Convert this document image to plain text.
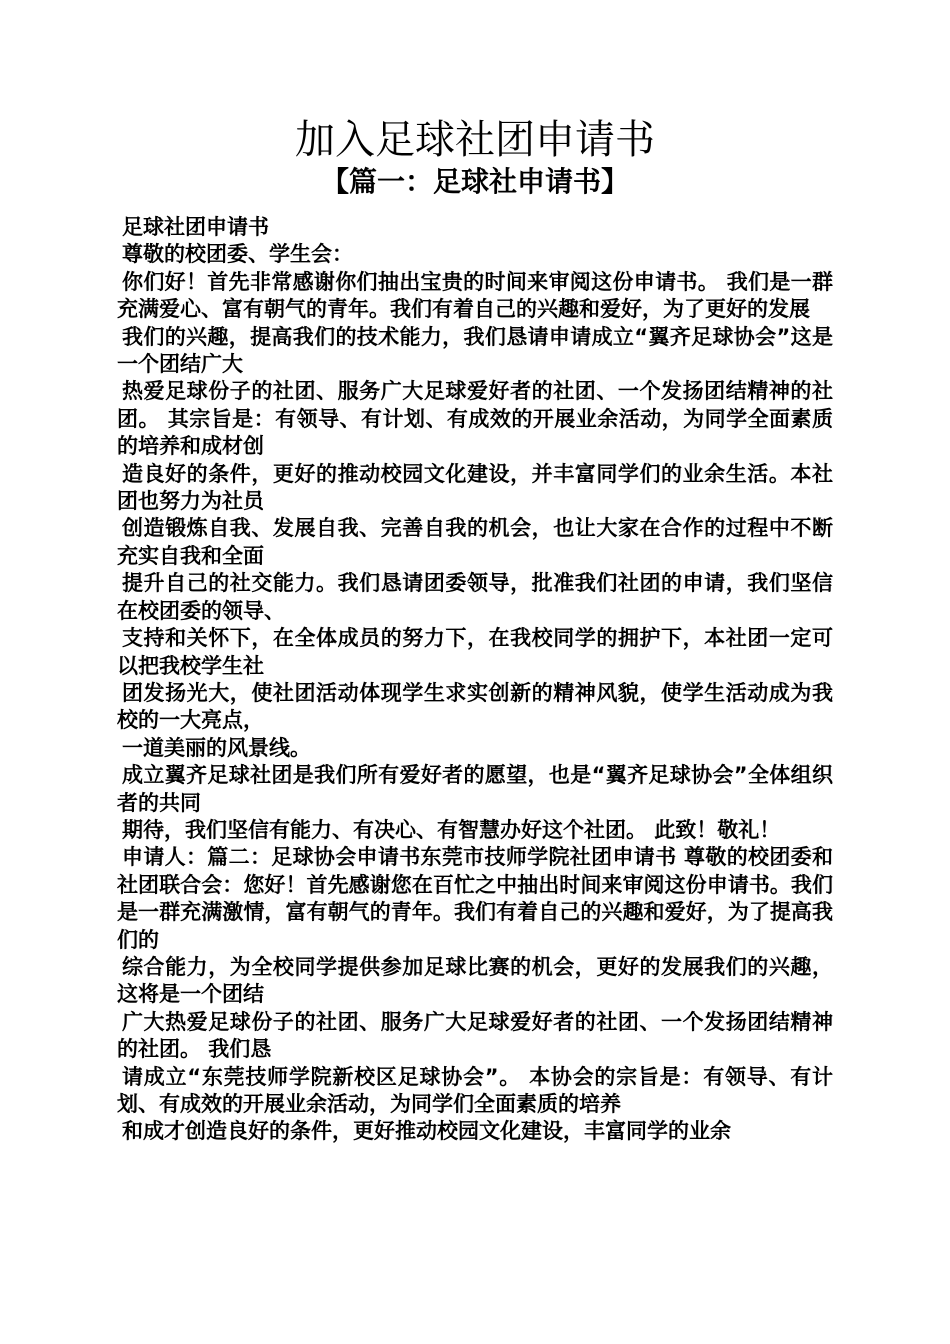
加入足球社团申请书
【篇一：足球社申请书】

足球社团申请书

尊敬的校团委、学生会：

你们好！首先非常感谢你们抽出宝贵的时间来审阅这份申请书。 我们是一群充满爱心、富有朝气的青年。我们有着自己的兴趣和爱好，为了更好的发展

我们的兴趣，提高我们的技术能力，我们恳请申请成立“翼齐足球协会”这是一个团结广大

热爱足球份子的社团、服务广大足球爱好者的社团、一个发扬团结精神的社团。 其宗旨是：有领导、有计划、有成效的开展业余活动，为同学全面素质的培养和成材创

造良好的条件，更好的推动校园文化建设，并丰富同学们的业余生活。本社团也努力为社员

创造锻炼自我、发展自我、完善自我的机会，也让大家在合作的过程中不断充实自我和全面

提升自己的社交能力。我们恳请团委领导，批准我们社团的申请，我们坚信在校团委的领导、

支持和关怀下，在全体成员的努力下，在我校同学的拥护下，本社团一定可以把我校学生社

团发扬光大，使社团活动体现学生求实创新的精神风貌，使学生活动成为我校的一大亮点，

一道美丽的风景线。

成立翼齐足球社团是我们所有爱好者的愿望，也是“翼齐足球协会”全体组织者的共同

期待，我们坚信有能力、有决心、有智慧办好这个社团。 此致！敬礼！

申请人：篇二：足球协会申请书东莞市技师学院社团申请书 尊敬的校团委和社团联合会：您好！首先感谢您在百忙之中抽出时间来审阅这份申请书。我们是一群充满激情，富有朝气的青年。我们有着自己的兴趣和爱好，为了提高我们的

综合能力，为全校同学提供参加足球比赛的机会，更好的发展我们的兴趣，这将是一个团结

广大热爱足球份子的社团、服务广大足球爱好者的社团、一个发扬团结精神的社团。 我们恳

请成立“东莞技师学院新校区足球协会”。 本协会的宗旨是：有领导、有计划、有成效的开展业余活动，为同学们全面素质的培养

和成才创造良好的条件，更好推动校园文化建设，丰富同学的业余
